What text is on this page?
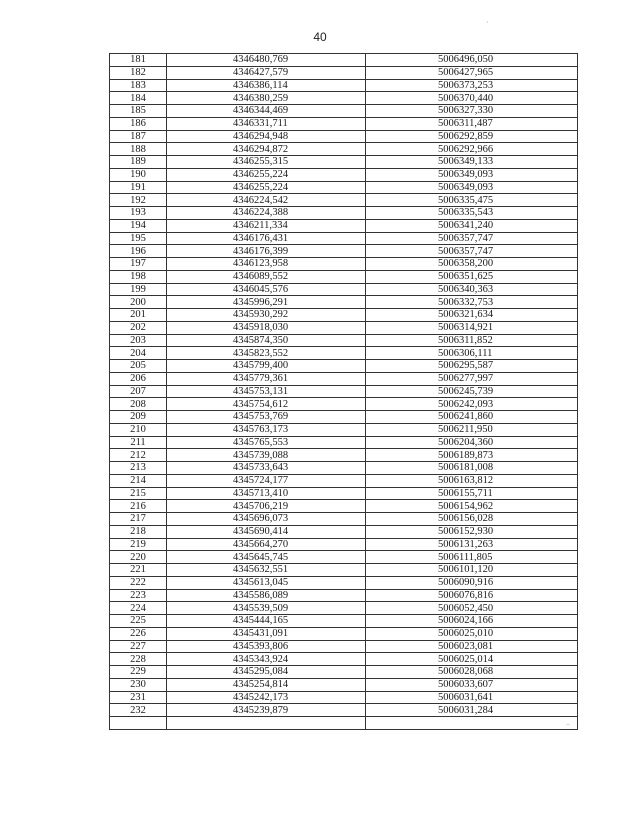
40
·
181	4346480,769	5006496,050
182	4346427,579	5006427,965
183	4346386,114	5006373,253
184	4346380,259	5006370,440
185	4346344,469	5006327,330
186	4346331,711	5006311,487
187	4346294,948	5006292,859
188	4346294,872	5006292,966
189	4346255,315	5006349,133
190	4346255,224	5006349,093
191	4346255,224	5006349,093
192	4346224,542	5006335,475
193	4346224,388	5006335,543
194	4346211,334	5006341,240
195	4346176,431	5006357,747
196	4346176,399	5006357,747
197	4346123,958	5006358,200
198	4346089,552	5006351,625
199	4346045,576	5006340,363
200	4345996,291	5006332,753
201	4345930,292	5006321,634
202	4345918,030	5006314,921
203	4345874,350	5006311,852
204	4345823,552	5006306,111
205	4345799,400	5006295,587
206	4345779,361	5006277,997
207	4345753,131	5006245,739
208	4345754,612	5006242,093
209	4345753,769	5006241,860
210	4345763,173	5006211,950
211	4345765,553	5006204,360
212	4345739,088	5006189,873
213	4345733,643	5006181,008
214	4345724,177	5006163,812
215	4345713,410	5006155,711
216	4345706,219	5006154,962
217	4345696,073	5006156,028
218	4345690,414	5006152,930
219	4345664,270	5006131,263
220	4345645,745	5006111,805
221	4345632,551	5006101,120
222	4345613,045	5006090,916
223	4345586,089	5006076,816
224	4345539,509	5006052,450
225	4345444,165	5006024,166
226	4345431,091	5006025,010
227	4345393,806	5006023,081
228	4345343,924	5006025,014
229	4345295,084	5006028,068
230	4345254,814	5006033,607
231	4345242,173	5006031,641
232	4345239,879	5006031,284
		–
